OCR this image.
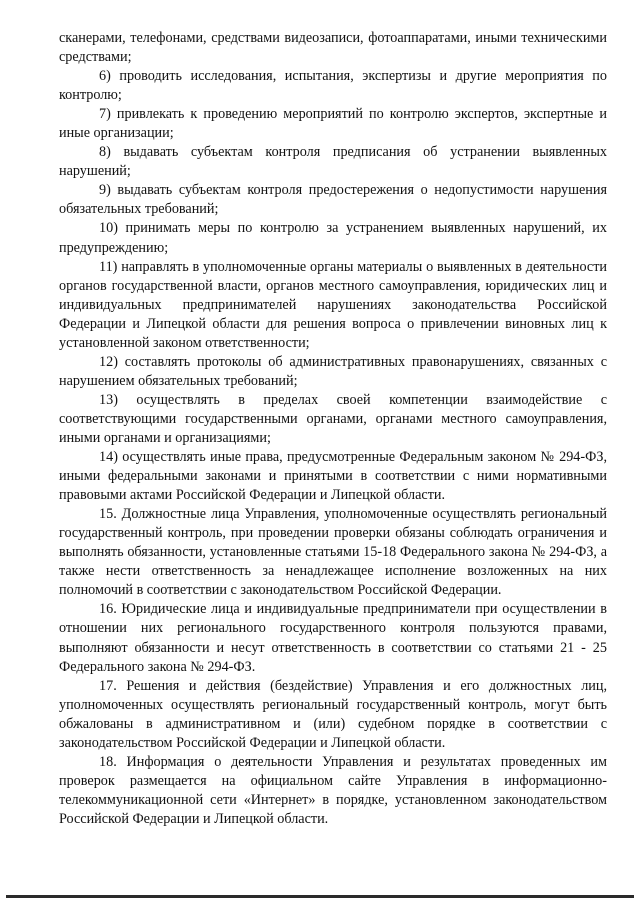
сканерами, телефонами, средствами видеозаписи, фотоаппаратами, иными техническими средствами;

6) проводить исследования, испытания, экспертизы и другие мероприятия по контролю;

7) привлекать к проведению мероприятий по контролю экспертов, экспертные и иные организации;

8) выдавать субъектам контроля предписания об устранении выявленных нарушений;

9) выдавать субъектам контроля предостережения о недопустимости нарушения обязательных требований;

10) принимать меры по контролю за устранением выявленных нарушений, их предупреждению;

11) направлять в уполномоченные органы материалы о выявленных в деятельности органов государственной власти, органов местного самоуправления, юридических лиц и индивидуальных предпринимателей нарушениях законодательства Российской Федерации и Липецкой области для решения вопроса о привлечении виновных лиц к установленной законом ответственности;

12) составлять протоколы об административных правонарушениях, связанных с нарушением обязательных требований;

13) осуществлять в пределах своей компетенции взаимодействие с соответствующими государственными органами, органами местного самоуправления, иными органами и организациями;

14) осуществлять иные права, предусмотренные Федеральным законом № 294-ФЗ, иными федеральными законами и принятыми в соответствии с ними нормативными правовыми актами Российской Федерации и Липецкой области.

15. Должностные лица Управления, уполномоченные осуществлять региональный государственный контроль, при проведении проверки обязаны соблюдать ограничения и выполнять обязанности, установленные статьями 15-18 Федерального закона № 294-ФЗ, а также нести ответственность за ненадлежащее исполнение возложенных на них полномочий в соответствии с законодательством Российской Федерации.

16. Юридические лица и индивидуальные предприниматели при осуществлении в отношении них регионального государственного контроля пользуются правами, выполняют обязанности и несут ответственность в соответствии со статьями 21 - 25 Федерального закона № 294-ФЗ.

17. Решения и действия (бездействие) Управления и его должностных лиц, уполномоченных осуществлять региональный государственный контроль, могут быть обжалованы в административном и (или) судебном порядке в соответствии с законодательством Российской Федерации и Липецкой области.

18. Информация о деятельности Управления и результатах проведенных им проверок размещается на официальном сайте Управления в информационно-телекоммуникационной сети «Интернет» в порядке, установленном законодательством Российской Федерации и Липецкой области.
